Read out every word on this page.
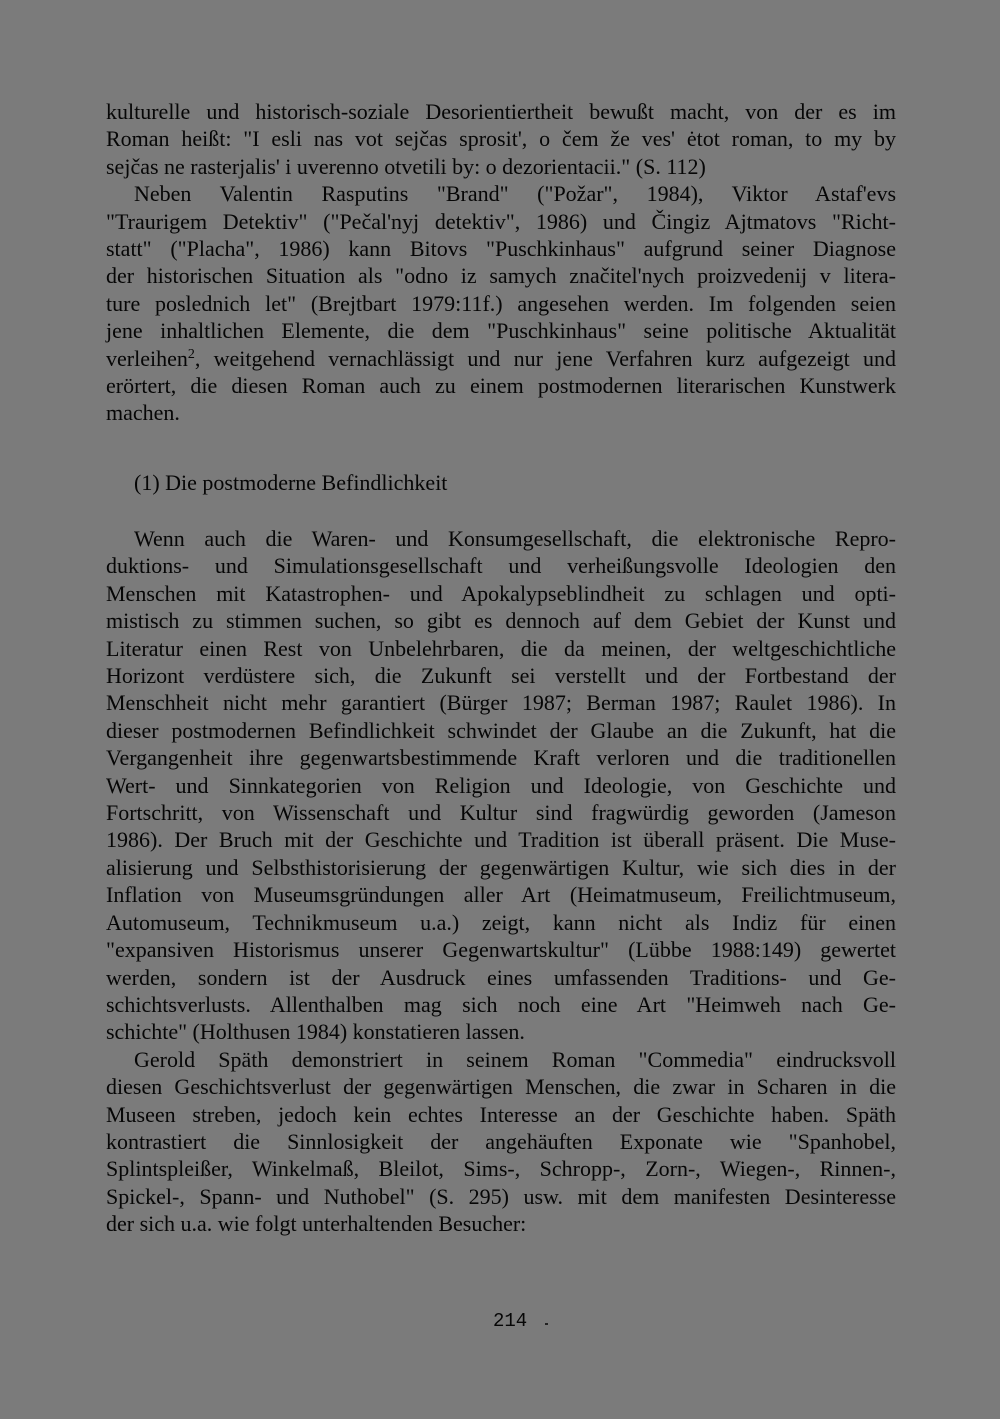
kulturelle und historisch-soziale Desorientiertheit bewußt macht, von der es im
Roman heißt: "I esli nas vot sejčas sprosit', o čem že ves' ėtot roman, to my by
sejčas ne rasterjalis' i uverenno otvetili by: o dezorientacii." (S. 112)

Neben Valentin Rasputins "Brand" ("Požar", 1984), Viktor Astaf'evs
"Traurigem Detektiv" ("Pečal'nyj detektiv", 1986) und Čingiz Ajtmatovs "Richt-
statt" ("Placha", 1986) kann Bitovs "Puschkinhaus" aufgrund seiner Diagnose
der historischen Situation als "odno iz samych značitel'nych proizvedenij v litera-
ture poslednich let" (Brejtbart 1979:11f.) angesehen werden. Im folgenden seien
jene inhaltlichen Elemente, die dem "Puschkinhaus" seine politische Aktualität
verleihen$^2$, weitgehend vernachlässigt und nur jene Verfahren kurz aufgezeigt und
erörtert, die diesen Roman auch zu einem postmodernen literarischen Kunstwerk
machen.

(1) Die postmoderne Befindlichkeit

Wenn auch die Waren- und Konsumgesellschaft, die elektronische Repro-
duktions- und Simulationsgesellschaft und verheißungsvolle Ideologien den
Menschen mit Katastrophen- und Apokalypseblindheit zu schlagen und opti-
mistisch zu stimmen suchen, so gibt es dennoch auf dem Gebiet der Kunst und
Literatur einen Rest von Unbelehrbaren, die da meinen, der weltgeschichtliche
Horizont verdüstere sich, die Zukunft sei verstellt und der Fortbestand der
Menschheit nicht mehr garantiert (Bürger 1987; Berman 1987; Raulet 1986). In
dieser postmodernen Befindlichkeit schwindet der Glaube an die Zukunft, hat die
Vergangenheit ihre gegenwartsbestimmende Kraft verloren und die traditionellen
Wert- und Sinnkategorien von Religion und Ideologie, von Geschichte und
Fortschritt, von Wissenschaft und Kultur sind fragwürdig geworden (Jameson
1986). Der Bruch mit der Geschichte und Tradition ist überall präsent. Die Muse-
alisierung und Selbsthistorisierung der gegenwärtigen Kultur, wie sich dies in der
Inflation von Museumsgründungen aller Art (Heimatmuseum, Freilichtmuseum,
Automuseum, Technikmuseum u.a.) zeigt, kann nicht als Indiz für einen
"expansiven Historismus unserer Gegenwartskultur" (Lübbe 1988:149) gewertet
werden, sondern ist der Ausdruck eines umfassenden Traditions- und Ge-
schichtsverlusts. Allenthalben mag sich noch eine Art "Heimweh nach Ge-
schichte" (Holthusen 1984) konstatieren lassen.

Gerold Späth demonstriert in seinem Roman "Commedia" eindrucksvoll
diesen Geschichtsverlust der gegenwärtigen Menschen, die zwar in Scharen in die
Museen streben, jedoch kein echtes Interesse an der Geschichte haben. Späth
kontrastiert die Sinnlosigkeit der angehäuften Exponate wie "Spanhobel,
Splintspleißer, Winkelmaß, Bleilot, Sims-, Schropp-, Zorn-, Wiegen-, Rinnen-,
Spickel-, Spann- und Nuthobel" (S. 295) usw. mit dem manifesten Desinteresse
der sich u.a. wie folgt unterhaltenden Besucher:

214
